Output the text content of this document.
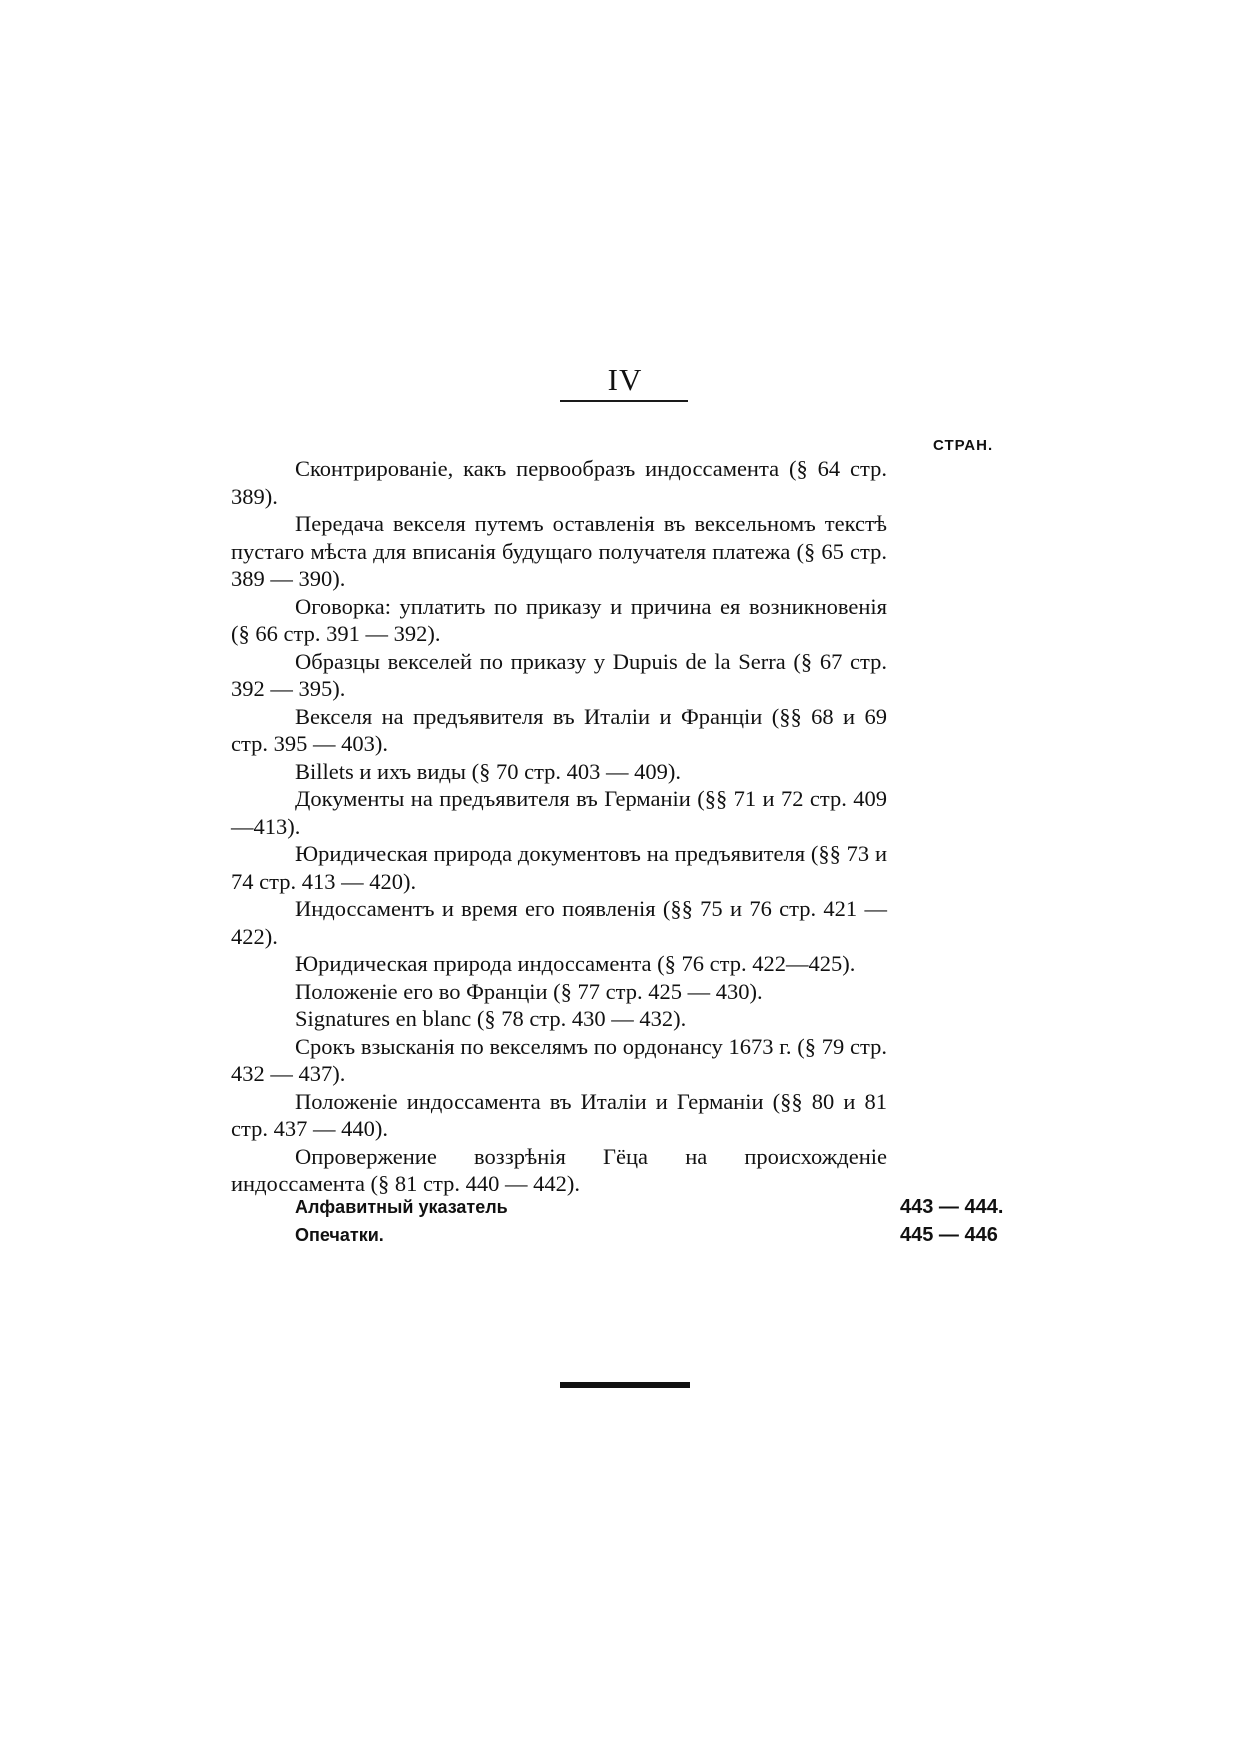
IV
СТРАН.

Сконтрированіе, какъ первообразъ индоссамента (§ 64 стр. 389).

Передача векселя путемъ оставленія въ вексельномъ текстѣ пустаго мѣста для вписанія будущаго получателя платежа (§ 65 стр. 389 — 390).

Оговорка: уплатить по приказу и причина ея возникновенія (§ 66 стр. 391 — 392).

Образцы векселей по приказу у Dupuis de la Serra (§ 67 стр. 392 — 395).

Векселя на предъявителя въ Италіи и Франціи (§§ 68 и 69 стр. 395 — 403).

Billets и ихъ виды (§ 70 стр. 403 — 409).

Документы на предъявителя въ Германіи (§§ 71 и 72 стр. 409—413).

Юридическая природа документовъ на предъявителя (§§ 73 и 74 стр. 413 — 420).

Индоссаментъ и время его появленія (§§ 75 и 76 стр. 421 — 422).

Юридическая природа индоссамента (§ 76 стр. 422—425).

Положеніе его во Франціи (§ 77 стр. 425 — 430).

Signatures en blanc (§ 78 стр. 430 — 432).

Срокъ взысканія по векселямъ по ордонансу 1673 г. (§ 79 стр. 432 — 437).

Положеніе индоссамента въ Италіи и Германіи (§§ 80 и 81 стр. 437 — 440).

Опровержение воззрѣнія Гёца на происхожденіе индоссамента (§ 81 стр. 440 — 442).

Алфавитный указатель	443 — 444.
Опечатки.	445 — 446
